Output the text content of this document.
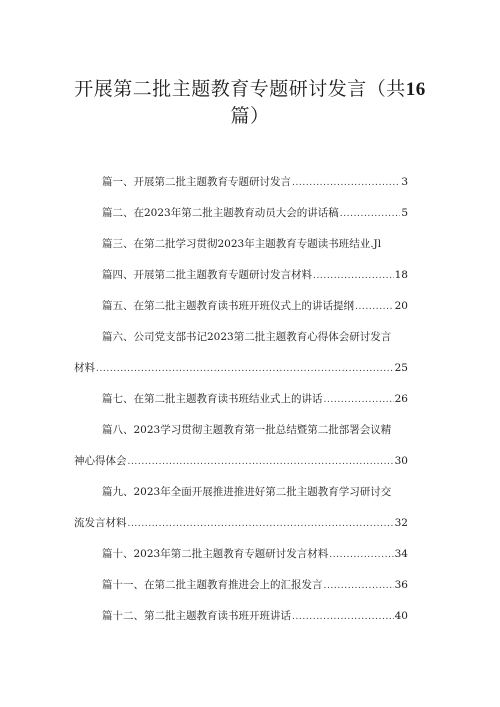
开展第二批主题教育专题研讨发言（共16
篇）
篇一、开展第二批主题教育专题研讨发言 .....	3
篇二、在2023年第二批主题教育动员大会的讲话稿 .....	5
篇三、在第二批学习贯彻2023年主题教育专题读书班结业.Jl
篇四、开展第二批主题教育专题研讨发言材料 .....	18
篇五、在第二批主题教育读书班开班仪式上的讲话提纲 .....	20
篇六、公司党支部书记2023第二批主题教育心得体会研讨发言
材料 .....	25
篇七、在第二批主题教育读书班结业式上的讲话 .....	26
篇八、2023学习贯彻主题教育第一批总结暨第二批部署会议精
神心得体会 .....	30
篇九、2023年全面开展推进推进好第二批主题教育学习研讨交
流发言材料 .....	32
篇十、2023年第二批主题教育专题研讨发言材料 .....	34
篇十一、在第二批主题教育推进会上的汇报发言 .....	36
篇十二、第二批主题教育读书班开班讲话 .....	40
